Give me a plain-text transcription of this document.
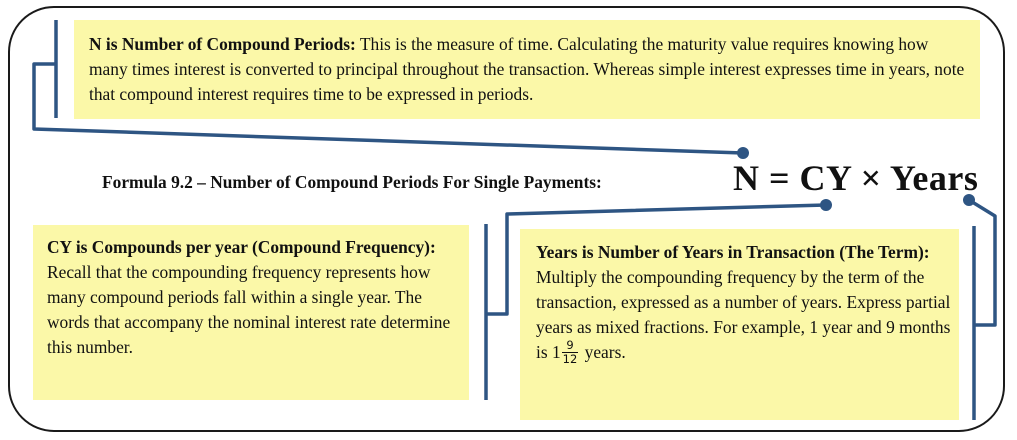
N is Number of Compound Periods: This is the measure of time. Calculating the maturity value requires knowing how many times interest is converted to principal throughout the transaction. Whereas simple interest expresses time in years, note that compound interest requires time to be expressed in periods.
Formula 9.2 – Number of Compound Periods For Single Payments:	N = CY × Years
CY is Compounds per year (Compound Frequency): Recall that the compounding frequency represents how many compound periods fall within a single year. The words that accompany the nominal interest rate determine this number.
Years is Number of Years in Transaction (The Term): Multiply the compounding frequency by the term of the transaction, expressed as a number of years. Express partial years as mixed fractions. For example, 1 year and 9 months is $1 \frac{9}{12}$ years.
